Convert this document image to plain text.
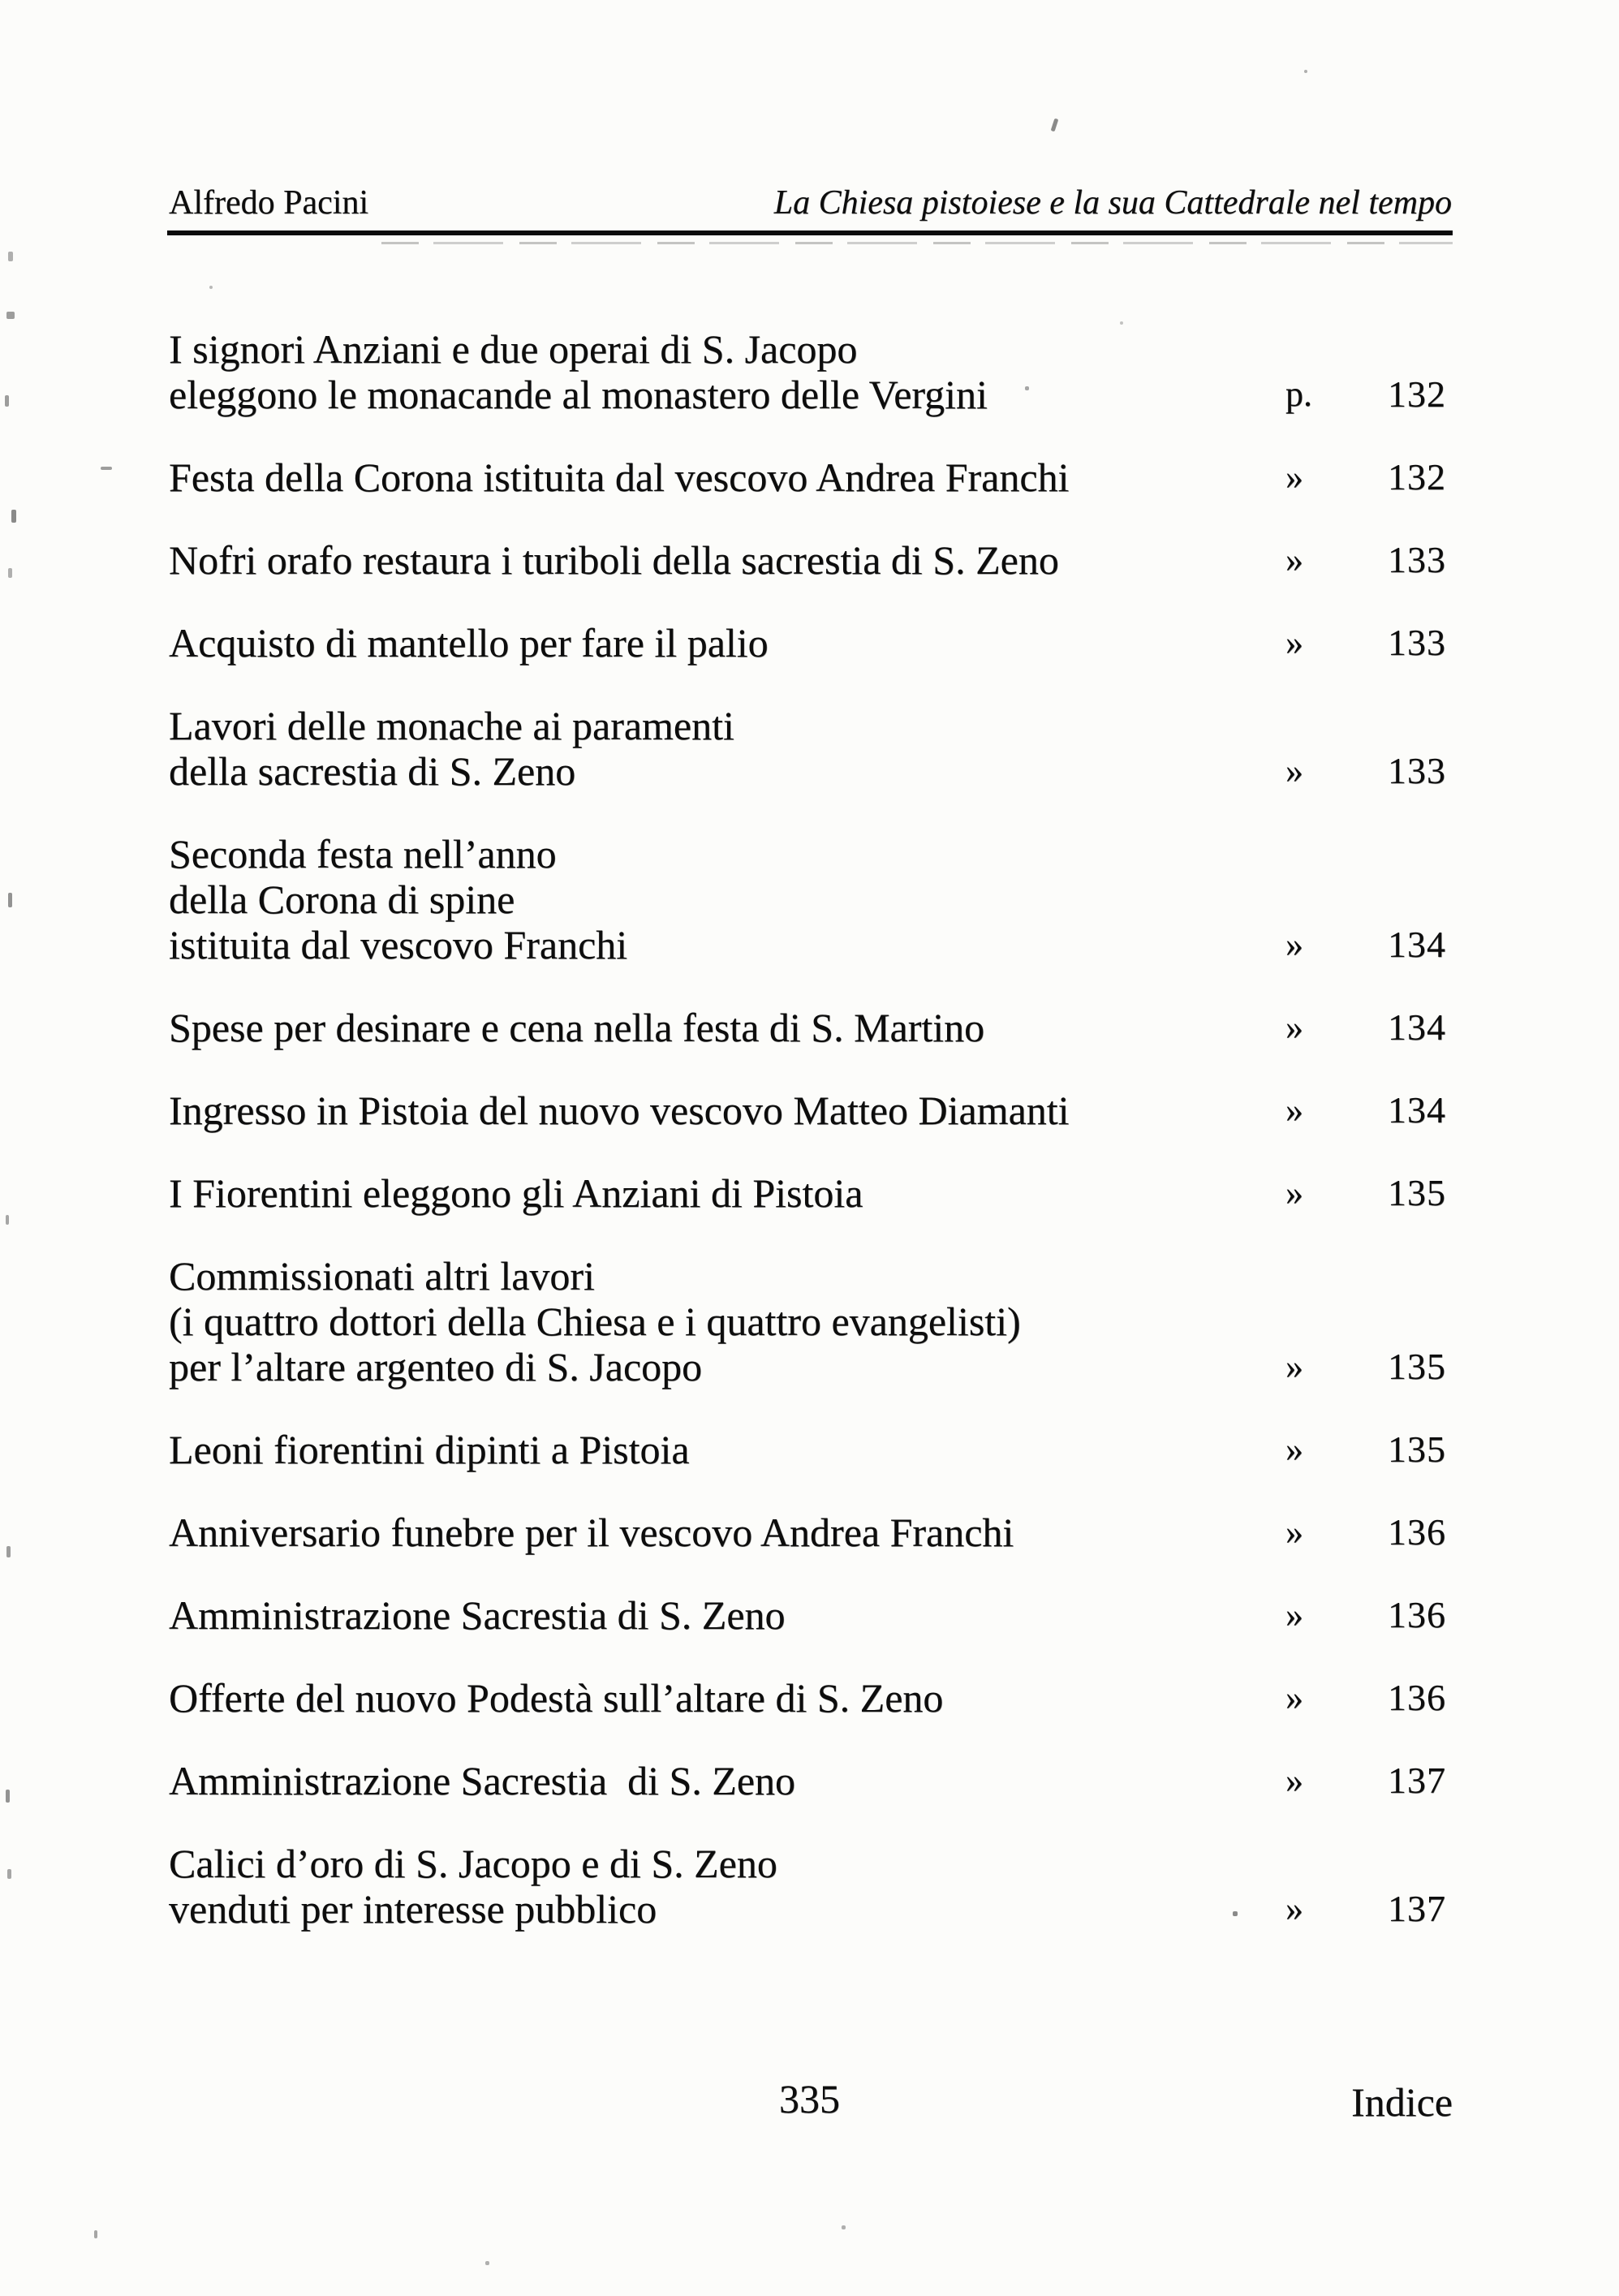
Alfredo Pacini	La Chiesa pistoiese e la sua Cattedrale nel tempo
I signori Anziani e due operai di S. Jacopo
eleggono le monacande al monastero delle Vergini	p.	132
Festa della Corona istituita dal vescovo Andrea Franchi	»	132
Nofri orafo restaura i turiboli della sacrestia di S. Zeno	»	133
Acquisto di mantello per fare il palio	»	133
Lavori delle monache ai paramenti
della sacrestia di S. Zeno	»	133
Seconda festa nell’anno
della Corona di spine
istituita dal vescovo Franchi	»	134
Spese per desinare e cena nella festa di S. Martino	»	134
Ingresso in Pistoia del nuovo vescovo Matteo Diamanti	»	134
I Fiorentini eleggono gli Anziani di Pistoia	»	135
Commissionati altri lavori
(i quattro dottori della Chiesa e i quattro evangelisti)
per l’altare argenteo di S. Jacopo	»	135
Leoni fiorentini dipinti a Pistoia	»	135
Anniversario funebre per il vescovo Andrea Franchi	»	136
Amministrazione Sacrestia di S. Zeno	»	136
Offerte del nuovo Podestà sull’altare di S. Zeno	»	136
Amministrazione Sacrestia  di S. Zeno	»	137
Calici d’oro di S. Jacopo e di S. Zeno
venduti per interesse pubblico	»	137
335	Indice
